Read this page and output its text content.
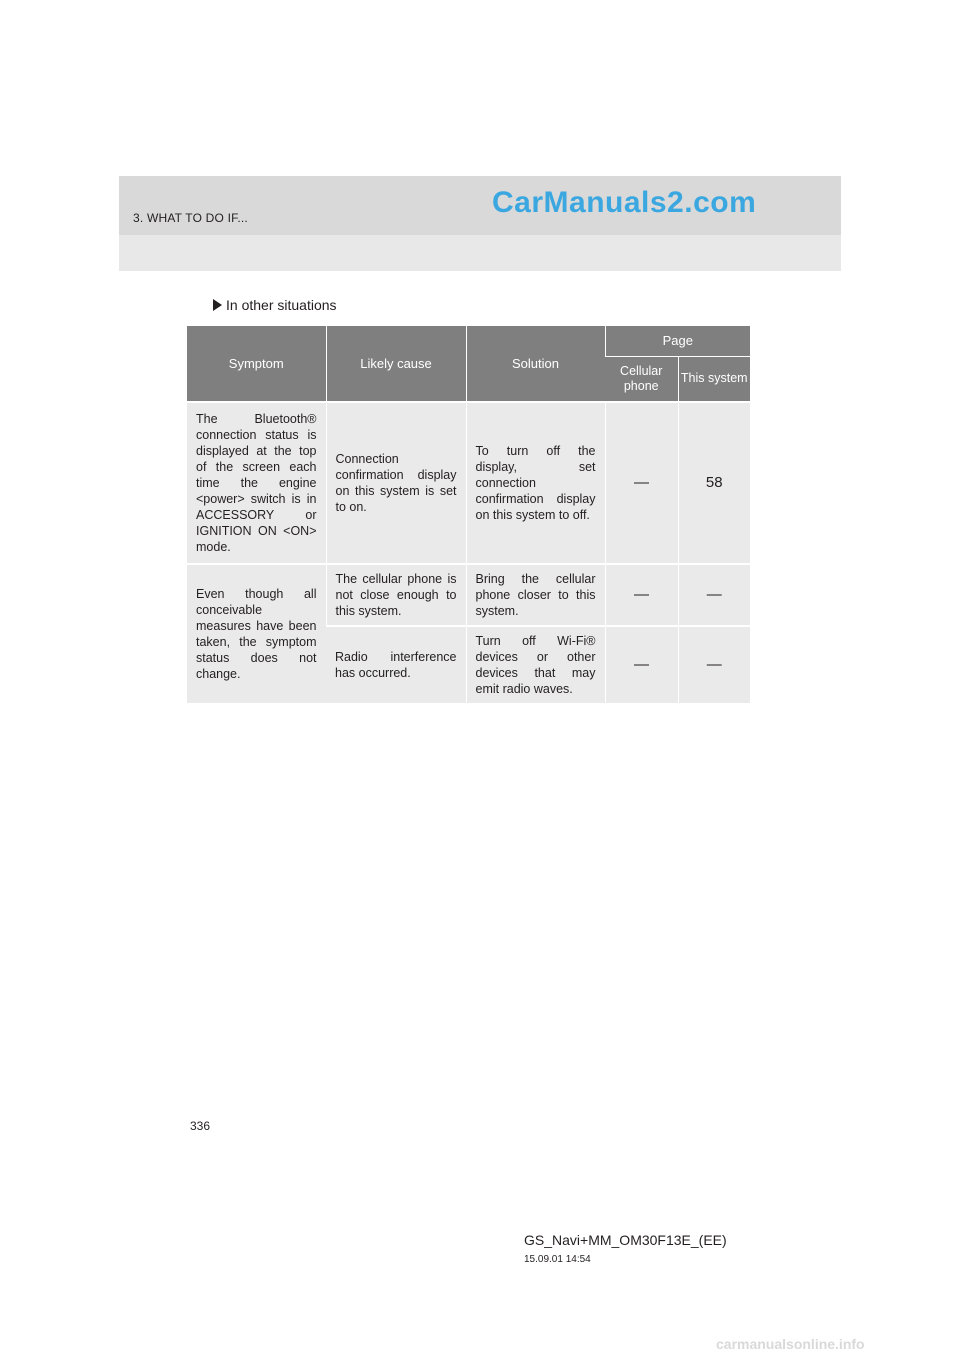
3. WHAT TO DO IF...	CarManuals2.com
In other situations
Symptom	Likely cause	Solution	Page	
			Cellular phone	This system
The Bluetooth® connection status is displayed at the top of the screen each time the engine <power> switch is in ACCESSORY or IGNITION ON <ON> mode.	Connection confirmation display on this system is set to on.	To turn off the display, set connection confirmation display on this system to off.	—	58
Even though all conceivable measures have been taken, the symptom status does not change.	The cellular phone is not close enough to this system.	Bring the cellular phone closer to this system.	—	—
	Radio interference has occurred.	Turn off Wi-Fi® devices or other devices that may emit radio waves.	—	—
336
GS_Navi+MM_OM30F13E_(EE)
15.09.01 14:54
carmanualsonline.info
